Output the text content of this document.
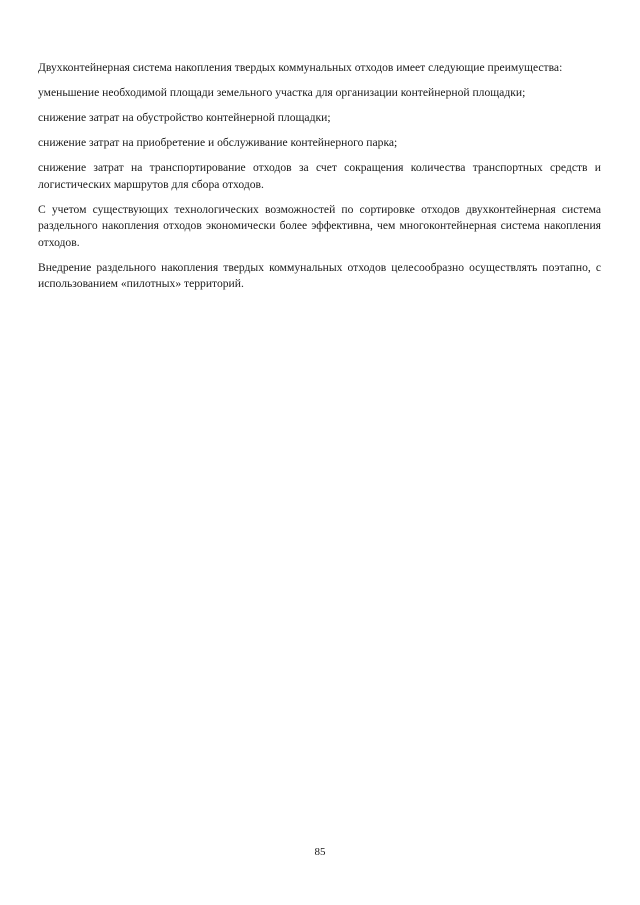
Двухконтейнерная система накопления твердых коммунальных отходов имеет следующие преимущества:

уменьшение необходимой площади земельного участка для организации контейнерной площадки;

снижение затрат на обустройство контейнерной площадки;

снижение затрат на приобретение и обслуживание контейнерного парка;

снижение затрат на транспортирование отходов за счет сокращения количества транспортных средств и логистических маршрутов для сбора отходов.

С учетом существующих технологических возможностей по сортировке отходов двухконтейнерная система раздельного накопления отходов экономически более эффективна, чем многоконтейнерная система накопления отходов.

Внедрение раздельного накопления твердых коммунальных отходов целесообразно осуществлять поэтапно, с использованием «пилотных» территорий.

85
